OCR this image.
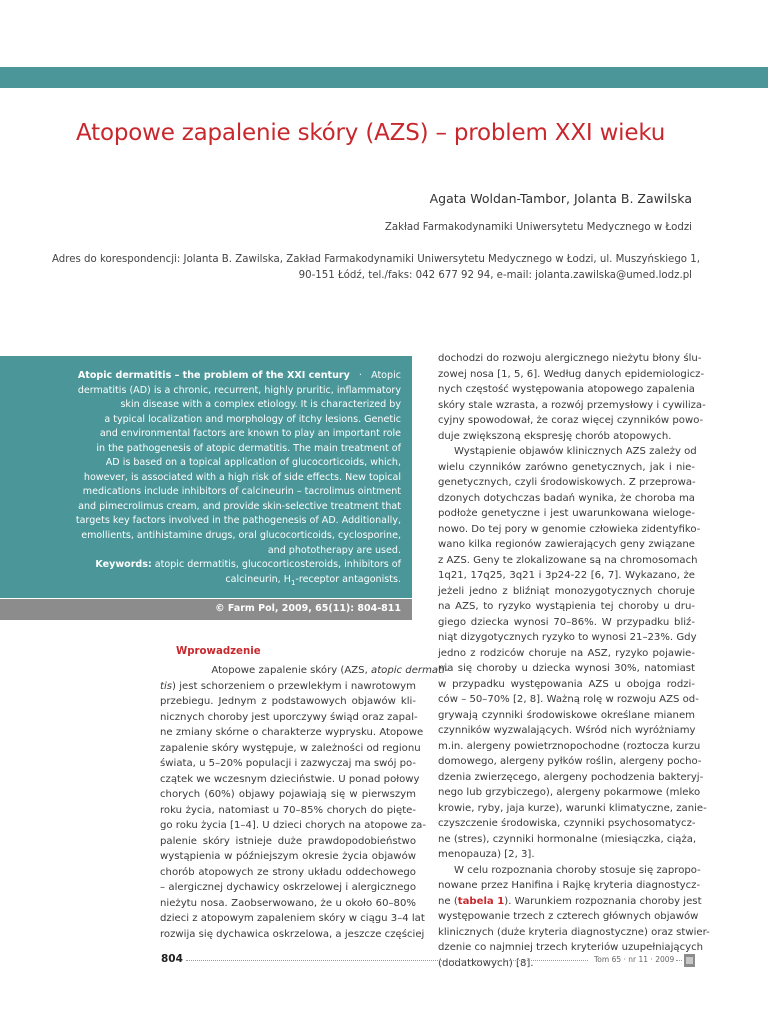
Atopowe zapalenie skóry (AZS) – problem XXI wieku
Agata Woldan-Tambor, Jolanta B. Zawilska
Zakład Farmakodynamiki Uniwersytetu Medycznego w Łodzi
Adres do korespondencji: Jolanta B. Zawilska, Zakład Farmakodynamiki Uniwersytetu Medycznego w Łodzi, ul. Muszyńskiego 1,
90-151 Łódź, tel./faks: 042 677 92 94, e-mail: jolanta.zawilska@umed.lodz.pl
Atopic dermatitis – the problem of the XXI century · Atopic
dermatitis (AD) is a chronic, recurrent, highly pruritic, inflammatory
skin disease with a complex etiology. It is characterized by
a typical localization and morphology of itchy lesions. Genetic
and environmental factors are known to play an important role
in the pathogenesis of atopic dermatitis. The main treatment of
AD is based on a topical application of glucocorticoids, which,
however, is associated with a high risk of side effects. New topical
medications include inhibitors of calcineurin – tacrolimus ointment
and pimecrolimus cream, and provide skin-selective treatment that
targets key factors involved in the pathogenesis of AD. Additionally,
emollients, antihistamine drugs, oral glucocorticoids, cyclosporine,
and phototherapy are used.
Keywords: atopic dermatitis, glucocorticosteroids, inhibitors of
calcineurin, $H_1$-receptor antagonists.
© Farm Pol, 2009, 65(11): 804-811
Wprowadzenie
Atopowe zapalenie skóry (AZS, atopic dermati-
tis) jest schorzeniem o przewlekłym i nawrotowym
przebiegu. Jednym z podstawowych objawów kli-
nicznych choroby jest uporczywy świąd oraz zapal-
ne zmiany skórne o charakterze wyprysku. Atopowe
zapalenie skóry występuje, w zależności od regionu
świata, u 5–20% populacji i zazwyczaj ma swój po-
czątek we wczesnym dzieciństwie. U ponad połowy
chorych (60%) objawy pojawiają się w pierwszym
roku życia, natomiast u 70–85% chorych do pięte-
go roku życia [1–4]. U dzieci chorych na atopowe za-
palenie skóry istnieje duże prawdopodobieństwo
wystąpienia w późniejszym okresie życia objawów
chorób atopowych ze strony układu oddechowego
– alergicznej dychawicy oskrzelowej i alergicznego
nieżytu nosa. Zaobserwowano, że u około 60–80%
dzieci z atopowym zapaleniem skóry w ciągu 3–4 lat
rozwija się dychawica oskrzelowa, a jeszcze częściej
dochodzi do rozwoju alergicznego nieżytu błony ślu-
zowej nosa [1, 5, 6]. Według danych epidemiologicz-
nych częstość występowania atopowego zapalenia
skóry stale wzrasta, a rozwój przemysłowy i cywiliza-
cyjny spowodował, że coraz więcej czynników powo-
duje zwiększoną ekspresję chorób atopowych.
Wystąpienie objawów klinicznych AZS zależy od
wielu czynników zarówno genetycznych, jak i nie-
genetycznych, czyli środowiskowych. Z przeprowa-
dzonych dotychczas badań wynika, że choroba ma
podłoże genetyczne i jest uwarunkowana wieloge-
nowo. Do tej pory w genomie człowieka zidentyfiko-
wano kilka regionów zawierających geny związane
z AZS. Geny te zlokalizowane są na chromosomach
1q21, 17q25, 3q21 i 3p24-22 [6, 7]. Wykazano, że
jeżeli jedno z bliźniąt monozygotycznych choruje
na AZS, to ryzyko wystąpienia tej choroby u dru-
giego dziecka wynosi 70–86%. W przypadku bliź-
niąt dizygotycznych ryzyko to wynosi 21–23%. Gdy
jedno z rodziców choruje na ASZ, ryzyko pojawie-
nia się choroby u dziecka wynosi 30%, natomiast
w przypadku występowania AZS u obojga rodzi-
ców – 50–70% [2, 8]. Ważną rolę w rozwoju AZS od-
grywają czynniki środowiskowe określane mianem
czynników wyzwalających. Wśród nich wyróżniamy
m.in. alergeny powietrznopochodne (roztocza kurzu
domowego, alergeny pyłków roślin, alergeny pocho-
dzenia zwierzęcego, alergeny pochodzenia bakteryj-
nego lub grzybiczego), alergeny pokarmowe (mleko
krowie, ryby, jaja kurze), warunki klimatyczne, zanie-
czyszczenie środowiska, czynniki psychosomatycz-
ne (stres), czynniki hormonalne (miesiączka, ciąża,
menopauza) [2, 3].
W celu rozpoznania choroby stosuje się zapropo-
nowane przez Hanifina i Rajkę kryteria diagnostycz-
ne (tabela 1). Warunkiem rozpoznania choroby jest
występowanie trzech z czterech głównych objawów
klinicznych (duże kryteria diagnostyczne) oraz stwier-
dzenie co najmniej trzech kryteriów uzupełniających
(dodatkowych) [8].
804	Tom 65 · nr 11 · 2009
